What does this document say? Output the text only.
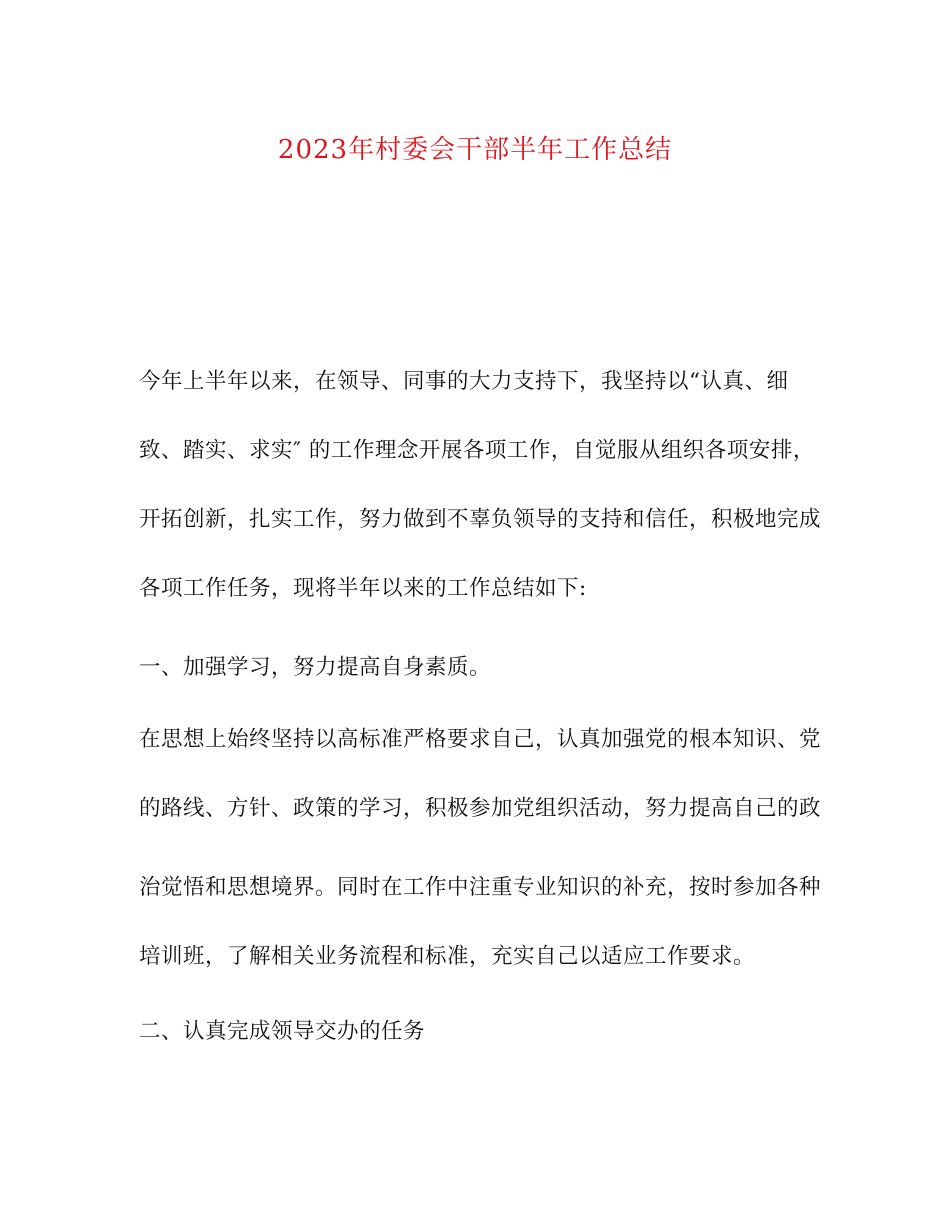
2023年村委会干部半年工作总结
今年上半年以来，在领导、同事的大力支持下，我坚持以“认真、细
致、踏实、求实″ 的工作理念开展各项工作，自觉服从组织各项安排，
开拓创新，扎实工作，努力做到不辜负领导的支持和信任，积极地完成
各项工作任务，现将半年以来的工作总结如下:
一、加强学习，努力提高自身素质。
在思想上始终坚持以高标准严格要求自己，认真加强党的根本知识、党
的路线、方针、政策的学习，积极参加党组织活动，努力提高自己的政
治觉悟和思想境界。同时在工作中注重专业知识的补充，按时参加各种
培训班，了解相关业务流程和标准，充实自己以适应工作要求。
二、认真完成领导交办的任务
